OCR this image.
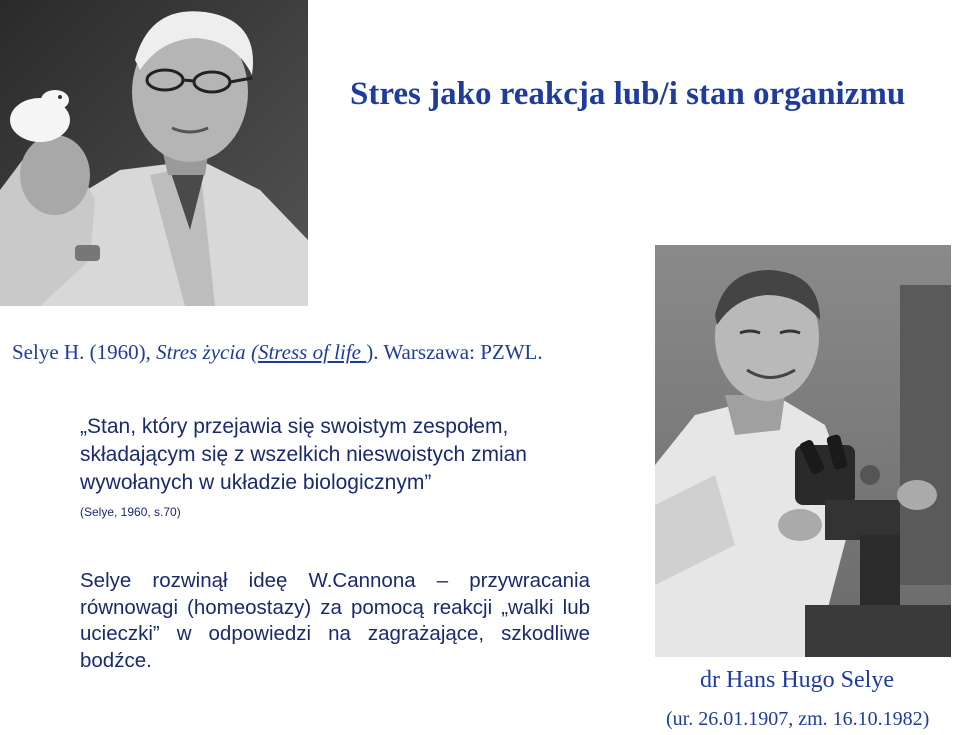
Stres jako reakcja lub/i stan organizmu
Selye H. (1960), Stres życia (Stress of life ). Warszawa: PZWL.

„Stan, który przejawia się swoistym zespołem, składającym się z wszelkich nieswoistych zmian wywołanych w układzie biologicznym”

(Selye, 1960, s.70)

Selye rozwinął ideę W.Cannona – przywracania równowagi (homeostazy) za pomocą reakcji „walki lub ucieczki” w odpowiedzi na zagrażające, szkodliwe bodźce.

dr Hans Hugo Selye
(ur. 26.01.1907, zm. 16.10.1982)
